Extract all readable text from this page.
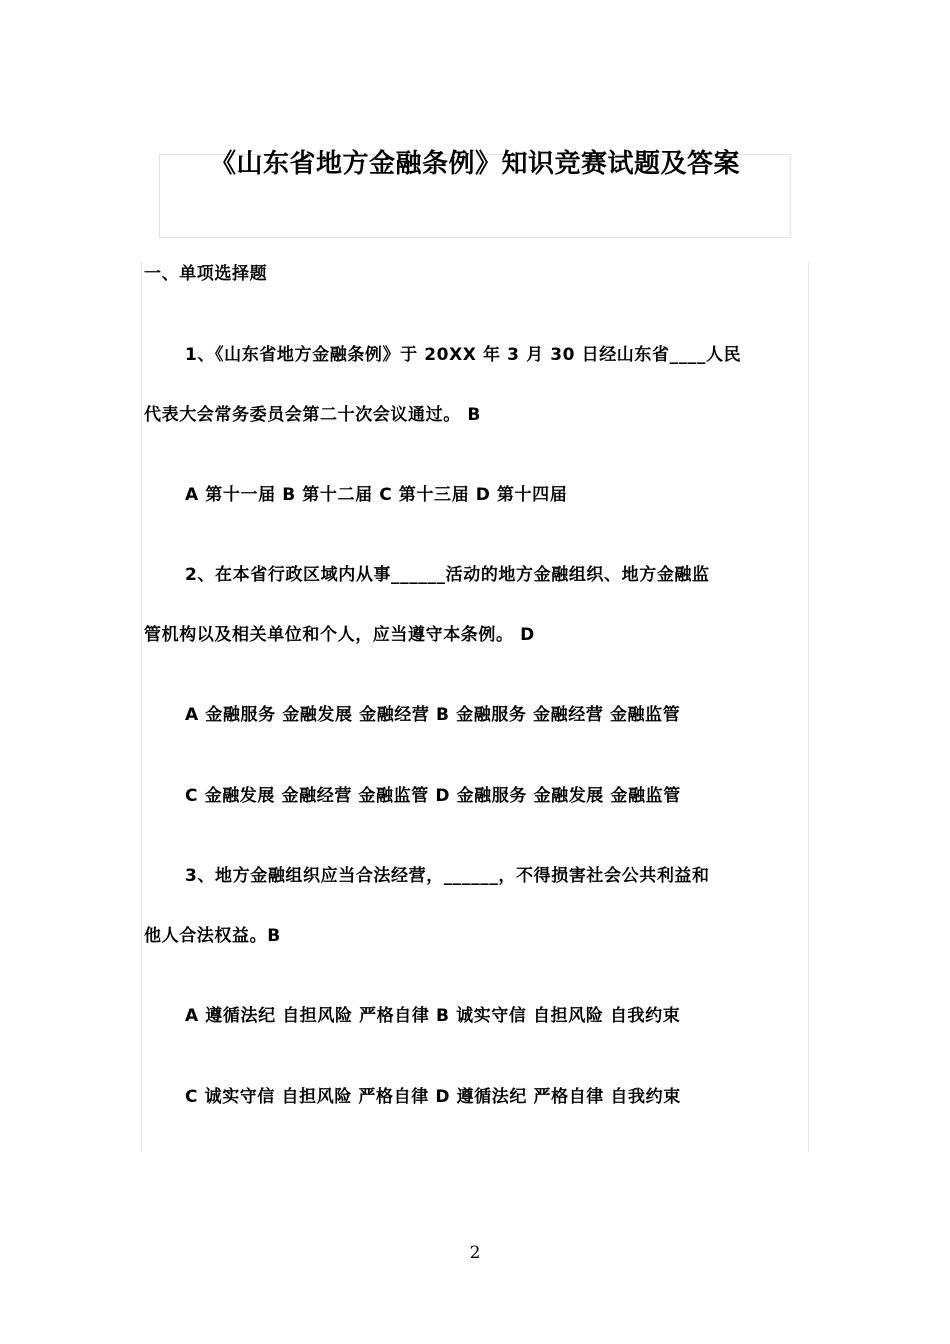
《山东省地方金融条例》知识竞赛试题及答案
一、单项选择题
1、《山东省地方金融条例》于 20XX 年 3 月 30 日经山东省____人民
代表大会常务委员会第二十次会议通过。 B
A 第十一届 B 第十二届 C 第十三届 D 第十四届
2、在本省行政区域内从事______活动的地方金融组织、地方金融监
管机构以及相关单位和个人，应当遵守本条例。 D
A 金融服务 金融发展 金融经营 B 金融服务 金融经营 金融监管
C 金融发展 金融经营 金融监管 D 金融服务 金融发展 金融监管
3、地方金融组织应当合法经营，______，不得损害社会公共利益和
他人合法权益。B
A 遵循法纪 自担风险 严格自律 B 诚实守信 自担风险 自我约束
C 诚实守信 自担风险 严格自律 D 遵循法纪 严格自律 自我约束
2
